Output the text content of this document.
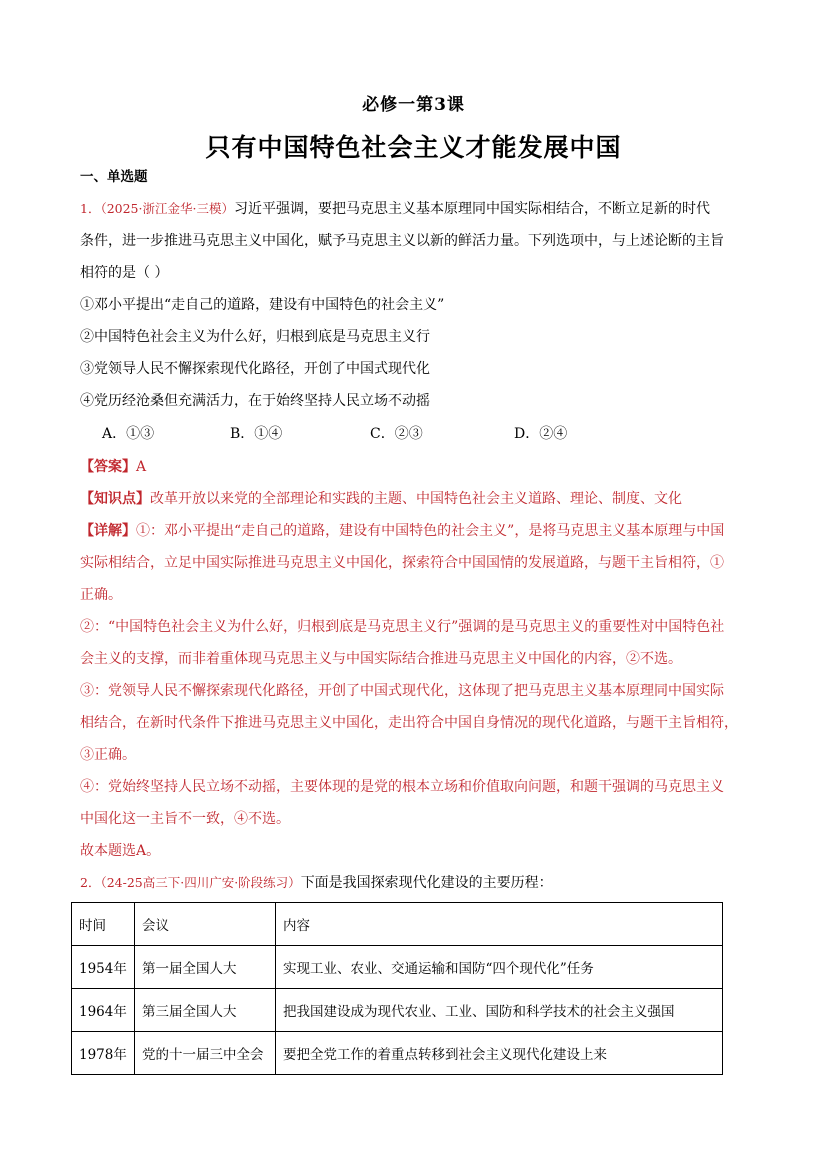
必修一第3课
只有中国特色社会主义才能发展中国
一、单选题
1．（2025·浙江金华·三模）习近平强调，要把马克思主义基本原理同中国实际相结合，不断立足新的时代
条件，进一步推进马克思主义中国化，赋予马克思主义以新的鲜活力量。下列选项中，与上述论断的主旨
相符的是（ ）
①邓小平提出“走自己的道路，建设有中国特色的社会主义”
②中国特色社会主义为什么好，归根到底是马克思主义行
③党领导人民不懈探索现代化路径，开创了中国式现代化
④党历经沧桑但充满活力，在于始终坚持人民立场不动摇
A．①③	B．①④	C．②③	D．②④
【答案】A
【知识点】改革开放以来党的全部理论和实践的主题、中国特色社会主义道路、理论、制度、文化
【详解】①：邓小平提出“走自己的道路，建设有中国特色的社会主义”，是将马克思主义基本原理与中国
实际相结合，立足中国实际推进马克思主义中国化，探索符合中国国情的发展道路，与题干主旨相符，①
正确。
②：“中国特色社会主义为什么好，归根到底是马克思主义行”强调的是马克思主义的重要性对中国特色社
会主义的支撑，而非着重体现马克思主义与中国实际结合推进马克思主义中国化的内容，②不选。
③：党领导人民不懈探索现代化路径，开创了中国式现代化，这体现了把马克思主义基本原理同中国实际
相结合，在新时代条件下推进马克思主义中国化，走出符合中国自身情况的现代化道路，与题干主旨相符，
③正确。
④：党始终坚持人民立场不动摇，主要体现的是党的根本立场和价值取向问题，和题干强调的马克思主义
中国化这一主旨不一致，④不选。
故本题选A。
2．（24-25高三下·四川广安·阶段练习）下面是我国探索现代化建设的主要历程：
时间	会议	内容
1954年	第一届全国人大	实现工业、农业、交通运输和国防“四个现代化”任务
1964年	第三届全国人大	把我国建设成为现代农业、工业、国防和科学技术的社会主义强国
1978年	党的十一届三中全会	要把全党工作的着重点转移到社会主义现代化建设上来
